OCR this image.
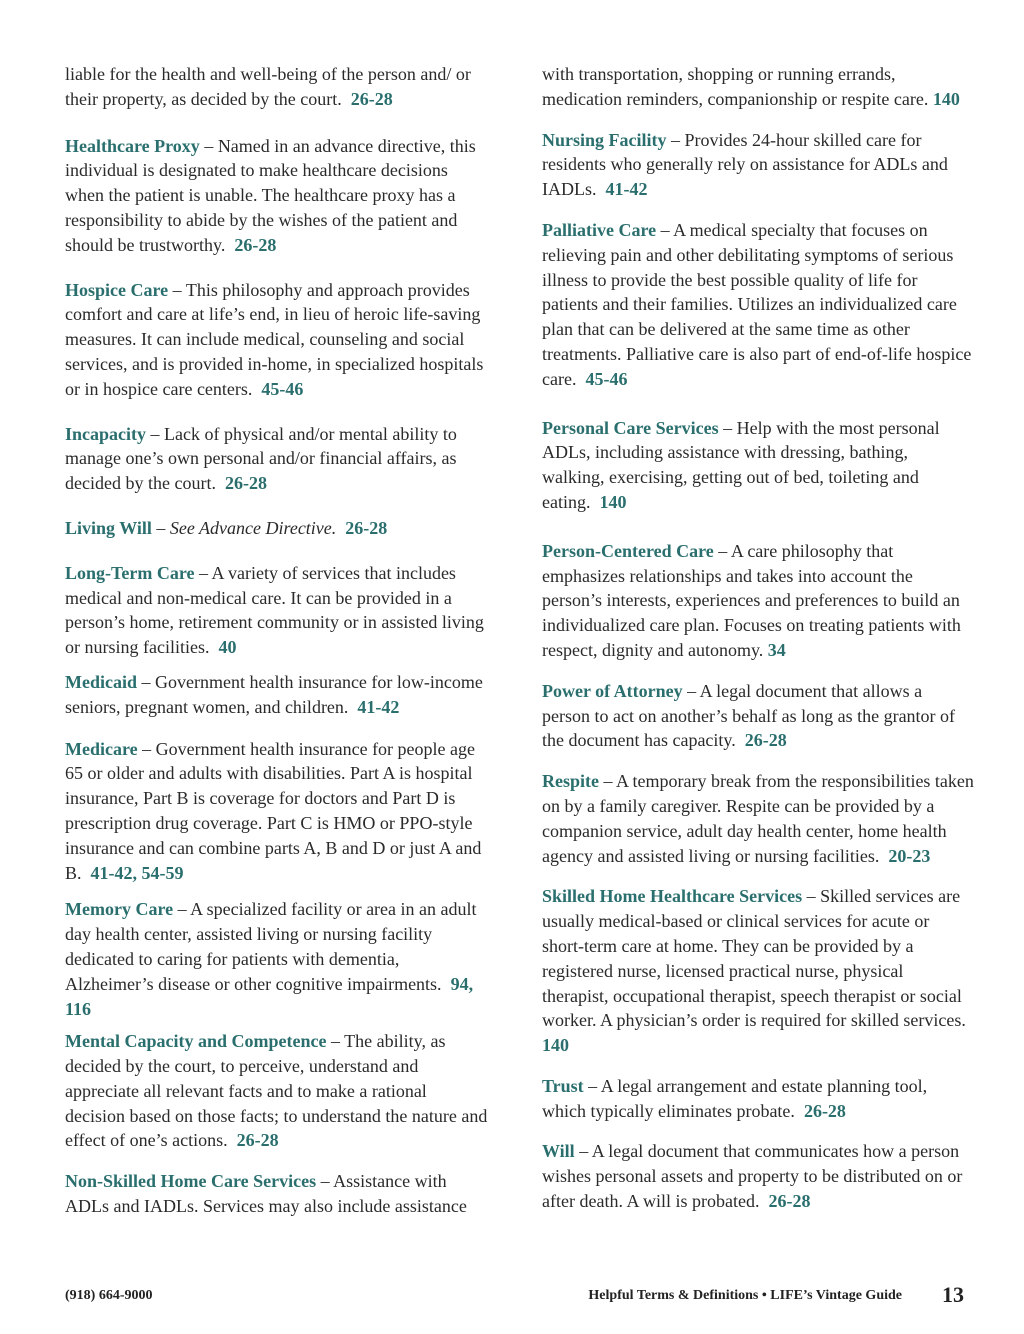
liable for the health and well-being of the person and/ or their property, as decided by the court. 26-28

Healthcare Proxy – Named in an advance directive, this individual is designated to make healthcare decisions when the patient is unable. The healthcare proxy has a responsibility to abide by the wishes of the patient and should be trustworthy. 26-28

Hospice Care – This philosophy and approach provides comfort and care at life’s end, in lieu of heroic life-saving measures. It can include medical, counseling and social services, and is provided in-home, in specialized hospitals or in hospice care centers. 45-46

Incapacity – Lack of physical and/or mental ability to manage one’s own personal and/or financial affairs, as decided by the court. 26-28

Living Will – See Advance Directive. 26-28

Long-Term Care – A variety of services that includes medical and non-medical care. It can be provided in a person’s home, retirement community or in assisted living or nursing facilities. 40

Medicaid – Government health insurance for low-income seniors, pregnant women, and children. 41-42

Medicare – Government health insurance for people age 65 or older and adults with disabilities. Part A is hospital insurance, Part B is coverage for doctors and Part D is prescription drug coverage. Part C is HMO or PPO-style insurance and can combine parts A, B and D or just A and B. 41-42, 54-59

Memory Care – A specialized facility or area in an adult day health center, assisted living or nursing facility dedicated to caring for patients with dementia, Alzheimer’s disease or other cognitive impairments. 94, 116

Mental Capacity and Competence – The ability, as decided by the court, to perceive, understand and appreciate all relevant facts and to make a rational decision based on those facts; to understand the nature and effect of one’s actions. 26-28

Non-Skilled Home Care Services – Assistance with ADLs and IADLs. Services may also include assistance

with transportation, shopping or running errands, medication reminders, companionship or respite care. 140

Nursing Facility – Provides 24-hour skilled care for residents who generally rely on assistance for ADLs and IADLs. 41-42

Palliative Care – A medical specialty that focuses on relieving pain and other debilitating symptoms of serious illness to provide the best possible quality of life for patients and their families. Utilizes an individualized care plan that can be delivered at the same time as other treatments. Palliative care is also part of end-of-life hospice care. 45-46

Personal Care Services – Help with the most personal ADLs, including assistance with dressing, bathing, walking, exercising, getting out of bed, toileting and eating. 140

Person-Centered Care – A care philosophy that emphasizes relationships and takes into account the person’s interests, experiences and preferences to build an individualized care plan. Focuses on treating patients with respect, dignity and autonomy. 34

Power of Attorney – A legal document that allows a person to act on another’s behalf as long as the grantor of the document has capacity. 26-28

Respite – A temporary break from the responsibilities taken on by a family caregiver. Respite can be provided by a companion service, adult day health center, home health agency and assisted living or nursing facilities. 20-23

Skilled Home Healthcare Services – Skilled services are usually medical-based or clinical services for acute or short-term care at home. They can be provided by a registered nurse, licensed practical nurse, physical therapist, occupational therapist, speech therapist or social worker. A physician’s order is required for skilled services.  140

Trust – A legal arrangement and estate planning tool, which typically eliminates probate. 26-28

Will – A legal document that communicates how a person wishes personal assets and property to be distributed on or after death. A will is probated. 26-28

(918) 664-9000	Helpful Terms & Definitions • LIFE’s Vintage Guide 13
